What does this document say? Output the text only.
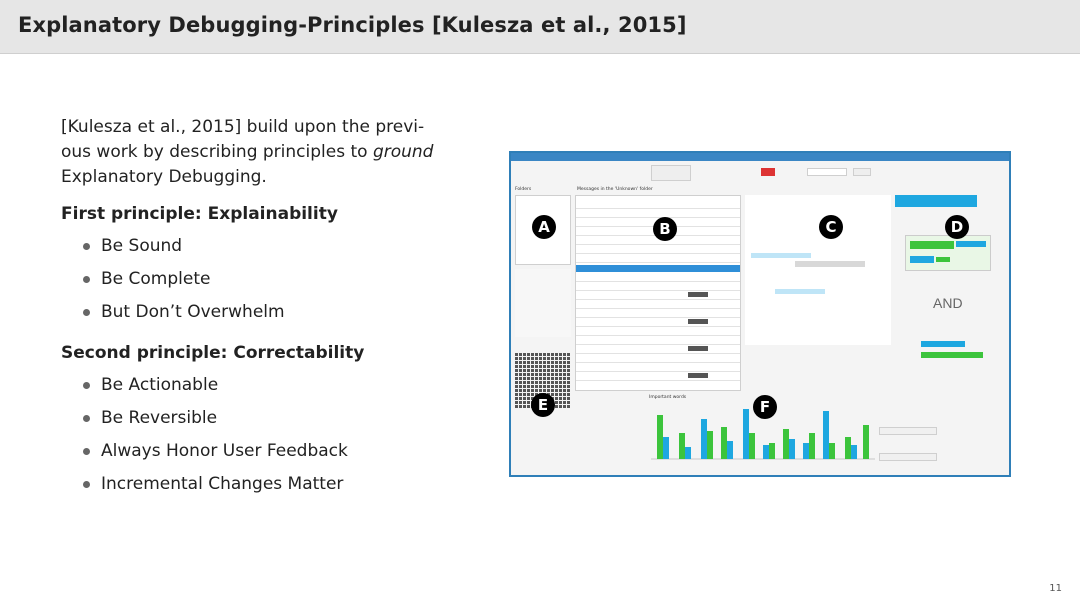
Explanatory Debugging-Principles [Kulesza et al., 2015]

[Kulesza et al., 2015] build upon the previ-
ous work by describing principles to ground
Explanatory Debugging.

First principle: Explainability
Be Sound
Be Complete
But Don’t Overwhelm
Second principle: Correctability
Be Actionable
Be Reversible
Always Honor User Feedback
Incremental Changes Matter
Folders	Messages in the 'Unknown' folder
AND
Important words
A	B	C	D
E	F
11
